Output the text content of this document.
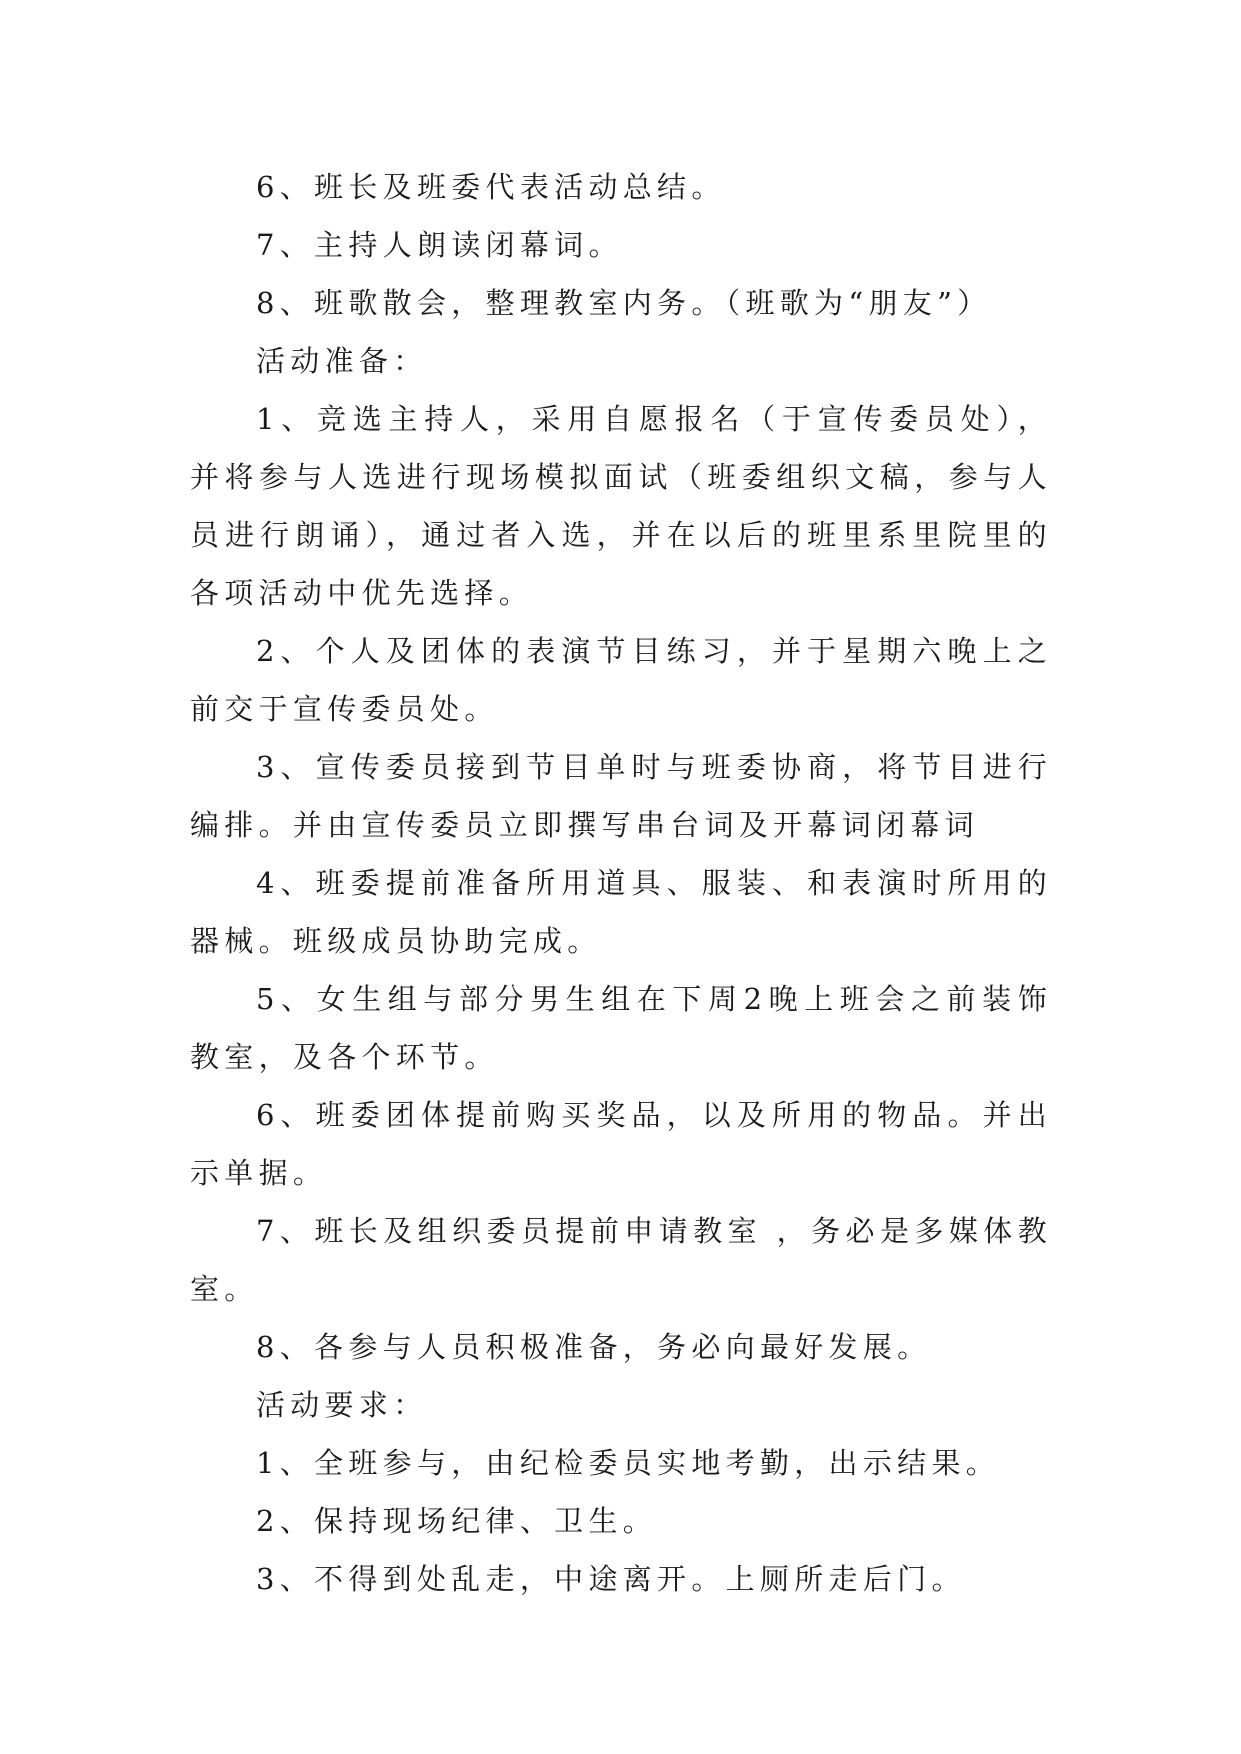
6、班长及班委代表活动总结。

7、主持人朗读闭幕词。

8、班歌散会，整理教室内务。（班歌为“朋友”）

活动准备：

1、竞选主持人，采用自愿报名（于宣传委员处），并将参与人选进行现场模拟面试（班委组织文稿，参与人员进行朗诵），通过者入选，并在以后的班里系里院里的各项活动中优先选择。

2、个人及团体的表演节目练习，并于星期六晚上之前交于宣传委员处。

3、宣传委员接到节目单时与班委协商，将节目进行编排。并由宣传委员立即撰写串台词及开幕词闭幕词

4、班委提前准备所用道具、服装、和表演时所用的器械。班级成员协助完成。

5、女生组与部分男生组在下周2晚上班会之前装饰教室，及各个环节。

6、班委团体提前购买奖品，以及所用的物品。并出示单据。

7、班长及组织委员提前申请教室 ，务必是多媒体教室。

8、各参与人员积极准备，务必向最好发展。

活动要求：

1、全班参与，由纪检委员实地考勤，出示结果。

2、保持现场纪律、卫生。

3、不得到处乱走，中途离开。上厕所走后门。
